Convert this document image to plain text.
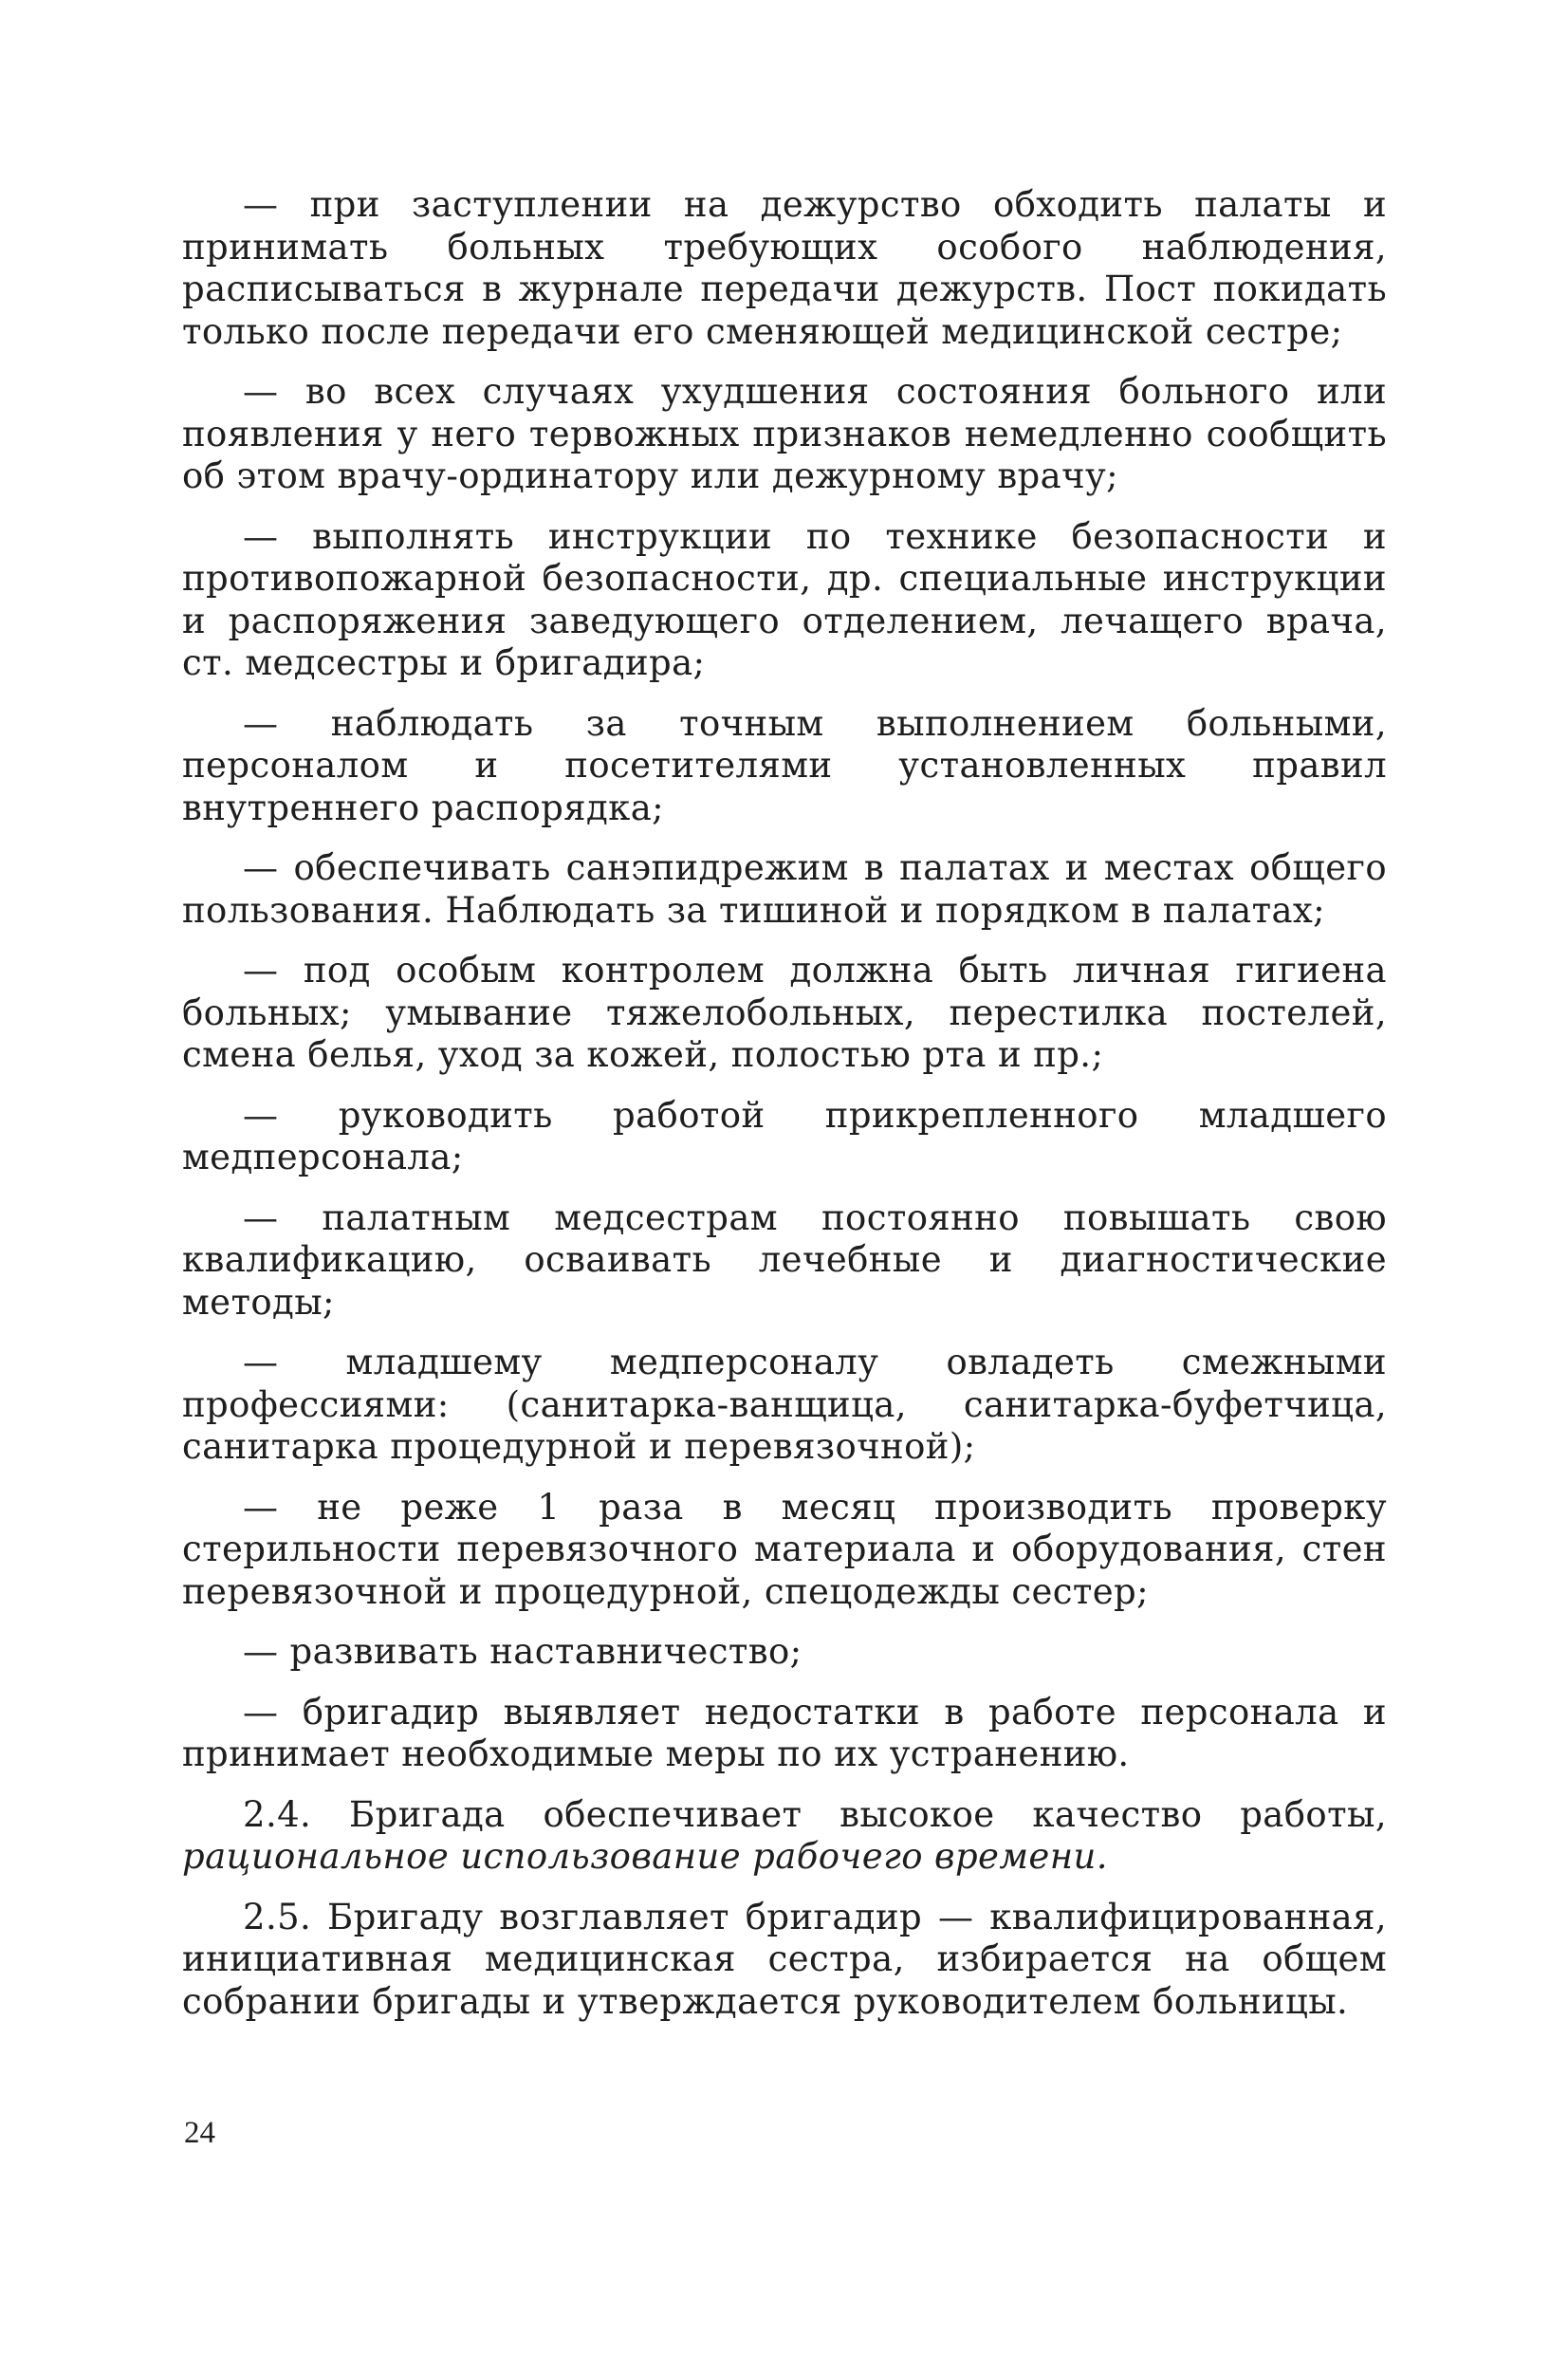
— при заступлении на дежурство обходить палаты и принимать больных требующих особого наблюдения, расписываться в журнале передачи дежурств. Пост покидать только после передачи его сменяющей медицинской сестре;

— во всех случаях ухудшения состояния больного или появления у него тервожных признаков немедленно сообщить об этом врачу-ординатору или дежурному врачу;

— выполнять инструкции по технике безопасности и противопожарной безопасности, др. специальные инструкции и распоряжения заведующего отделением, лечащего врача, ст. медсестры и бригадира;

— наблюдать за точным выполнением больными, персоналом и посетителями установленных правил внутреннего распорядка;

— обеспечивать санэпидрежим в палатах и местах общего пользования. Наблюдать за тишиной и порядком в палатах;

— под особым контролем должна быть личная гигиена больных; умывание тяжелобольных, перестилка постелей, смена белья, уход за кожей, полостью рта и пр.;

— руководить работой прикрепленного младшего медперсонала;

— палатным медсестрам постоянно повышать свою квалификацию, осваивать лечебные и диагностические методы;

— младшему медперсоналу овладеть смежными профессиями: (санитарка-ванщица, санитарка-буфетчица, санитарка процедурной и перевязочной);

— не реже 1 раза в месяц производить проверку стерильности перевязочного материала и оборудования, стен перевязочной и процедурной, спецодежды сестер;

— развивать наставничество;

— бригадир выявляет недостатки в работе персонала и принимает необходимые меры по их устранению.

2.4. Бригада обеспечивает высокое качество работы, рациональное использование рабочего времени.

2.5. Бригаду возглавляет бригадир — квалифицированная, инициативная медицинская сестра, избирается на общем собрании бригады и утверждается руководителем больницы.

24
